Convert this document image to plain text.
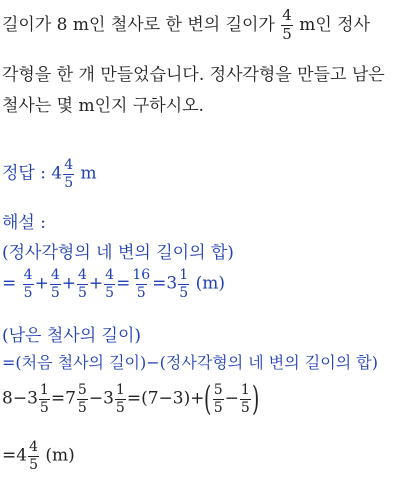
길이가 8 m인 철사로 한 변의 길이가 $\frac{4}{5}$ m인 정사
각형을 한 개 만들었습니다. 정사각형을 만들고 남은
철사는 몇 m인지 구하시오.
정답 : $4 \frac{4}{5}$ m
해설 :
(정사각형의 네 변의 길이의 합)
= $\frac{4}{5} + \frac{4}{5} + \frac{4}{5} + \frac{4}{5} = \frac{16}{5} =3 \frac{1}{5} (m)$
(남은 철사의 길이)
=(처음 철사의 길이)−(정사각형의 네 변의 길이의 합)
$8-3 \frac{1}{5} =7 \frac{5}{5} -3 \frac{1}{5} =(7-3)+( \frac{5}{5} - \frac{1}{5}$ )
$=4 \frac{4}{5} (m)$
